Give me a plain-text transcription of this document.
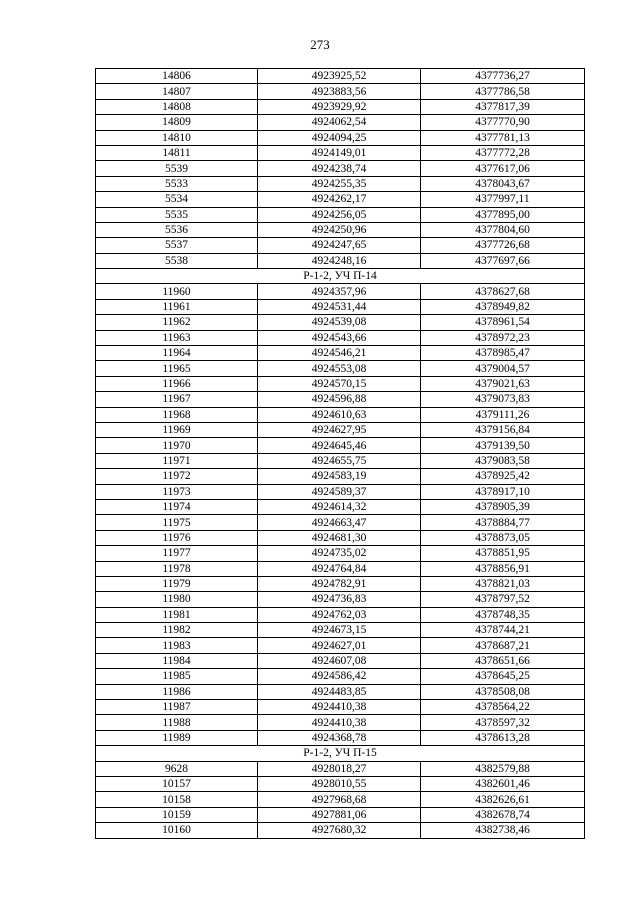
273
14806	4923925,52	4377736,27
14807	4923883,56	4377786,58
14808	4923929,92	4377817,39
14809	4924062,54	4377770,90
14810	4924094,25	4377781,13
14811	4924149,01	4377772,28
5539	4924238,74	4377617,06
5533	4924255,35	4378043,67
5534	4924262,17	4377997,11
5535	4924256,05	4377895,00
5536	4924250,96	4377804,60
5537	4924247,65	4377726,68
5538	4924248,16	4377697,66
Р-1-2, УЧ П-14		
11960	4924357,96	4378627,68
11961	4924531,44	4378949,82
11962	4924539,08	4378961,54
11963	4924543,66	4378972,23
11964	4924546,21	4378985,47
11965	4924553,08	4379004,57
11966	4924570,15	4379021,63
11967	4924596,88	4379073,83
11968	4924610,63	4379111,26
11969	4924627,95	4379156,84
11970	4924645,46	4379139,50
11971	4924655,75	4379083,58
11972	4924583,19	4378925,42
11973	4924589,37	4378917,10
11974	4924614,32	4378905,39
11975	4924663,47	4378884,77
11976	4924681,30	4378873,05
11977	4924735,02	4378851,95
11978	4924764,84	4378856,91
11979	4924782,91	4378821,03
11980	4924736,83	4378797,52
11981	4924762,03	4378748,35
11982	4924673,15	4378744,21
11983	4924627,01	4378687,21
11984	4924607,08	4378651,66
11985	4924586,42	4378645,25
11986	4924483,85	4378508,08
11987	4924410,38	4378564,22
11988	4924410,38	4378597,32
11989	4924368,78	4378613,28
Р-1-2, УЧ П-15		
9628	4928018,27	4382579,88
10157	4928010,55	4382601,46
10158	4927968,68	4382626,61
10159	4927881,06	4382678,74
10160	4927680,32	4382738,46
